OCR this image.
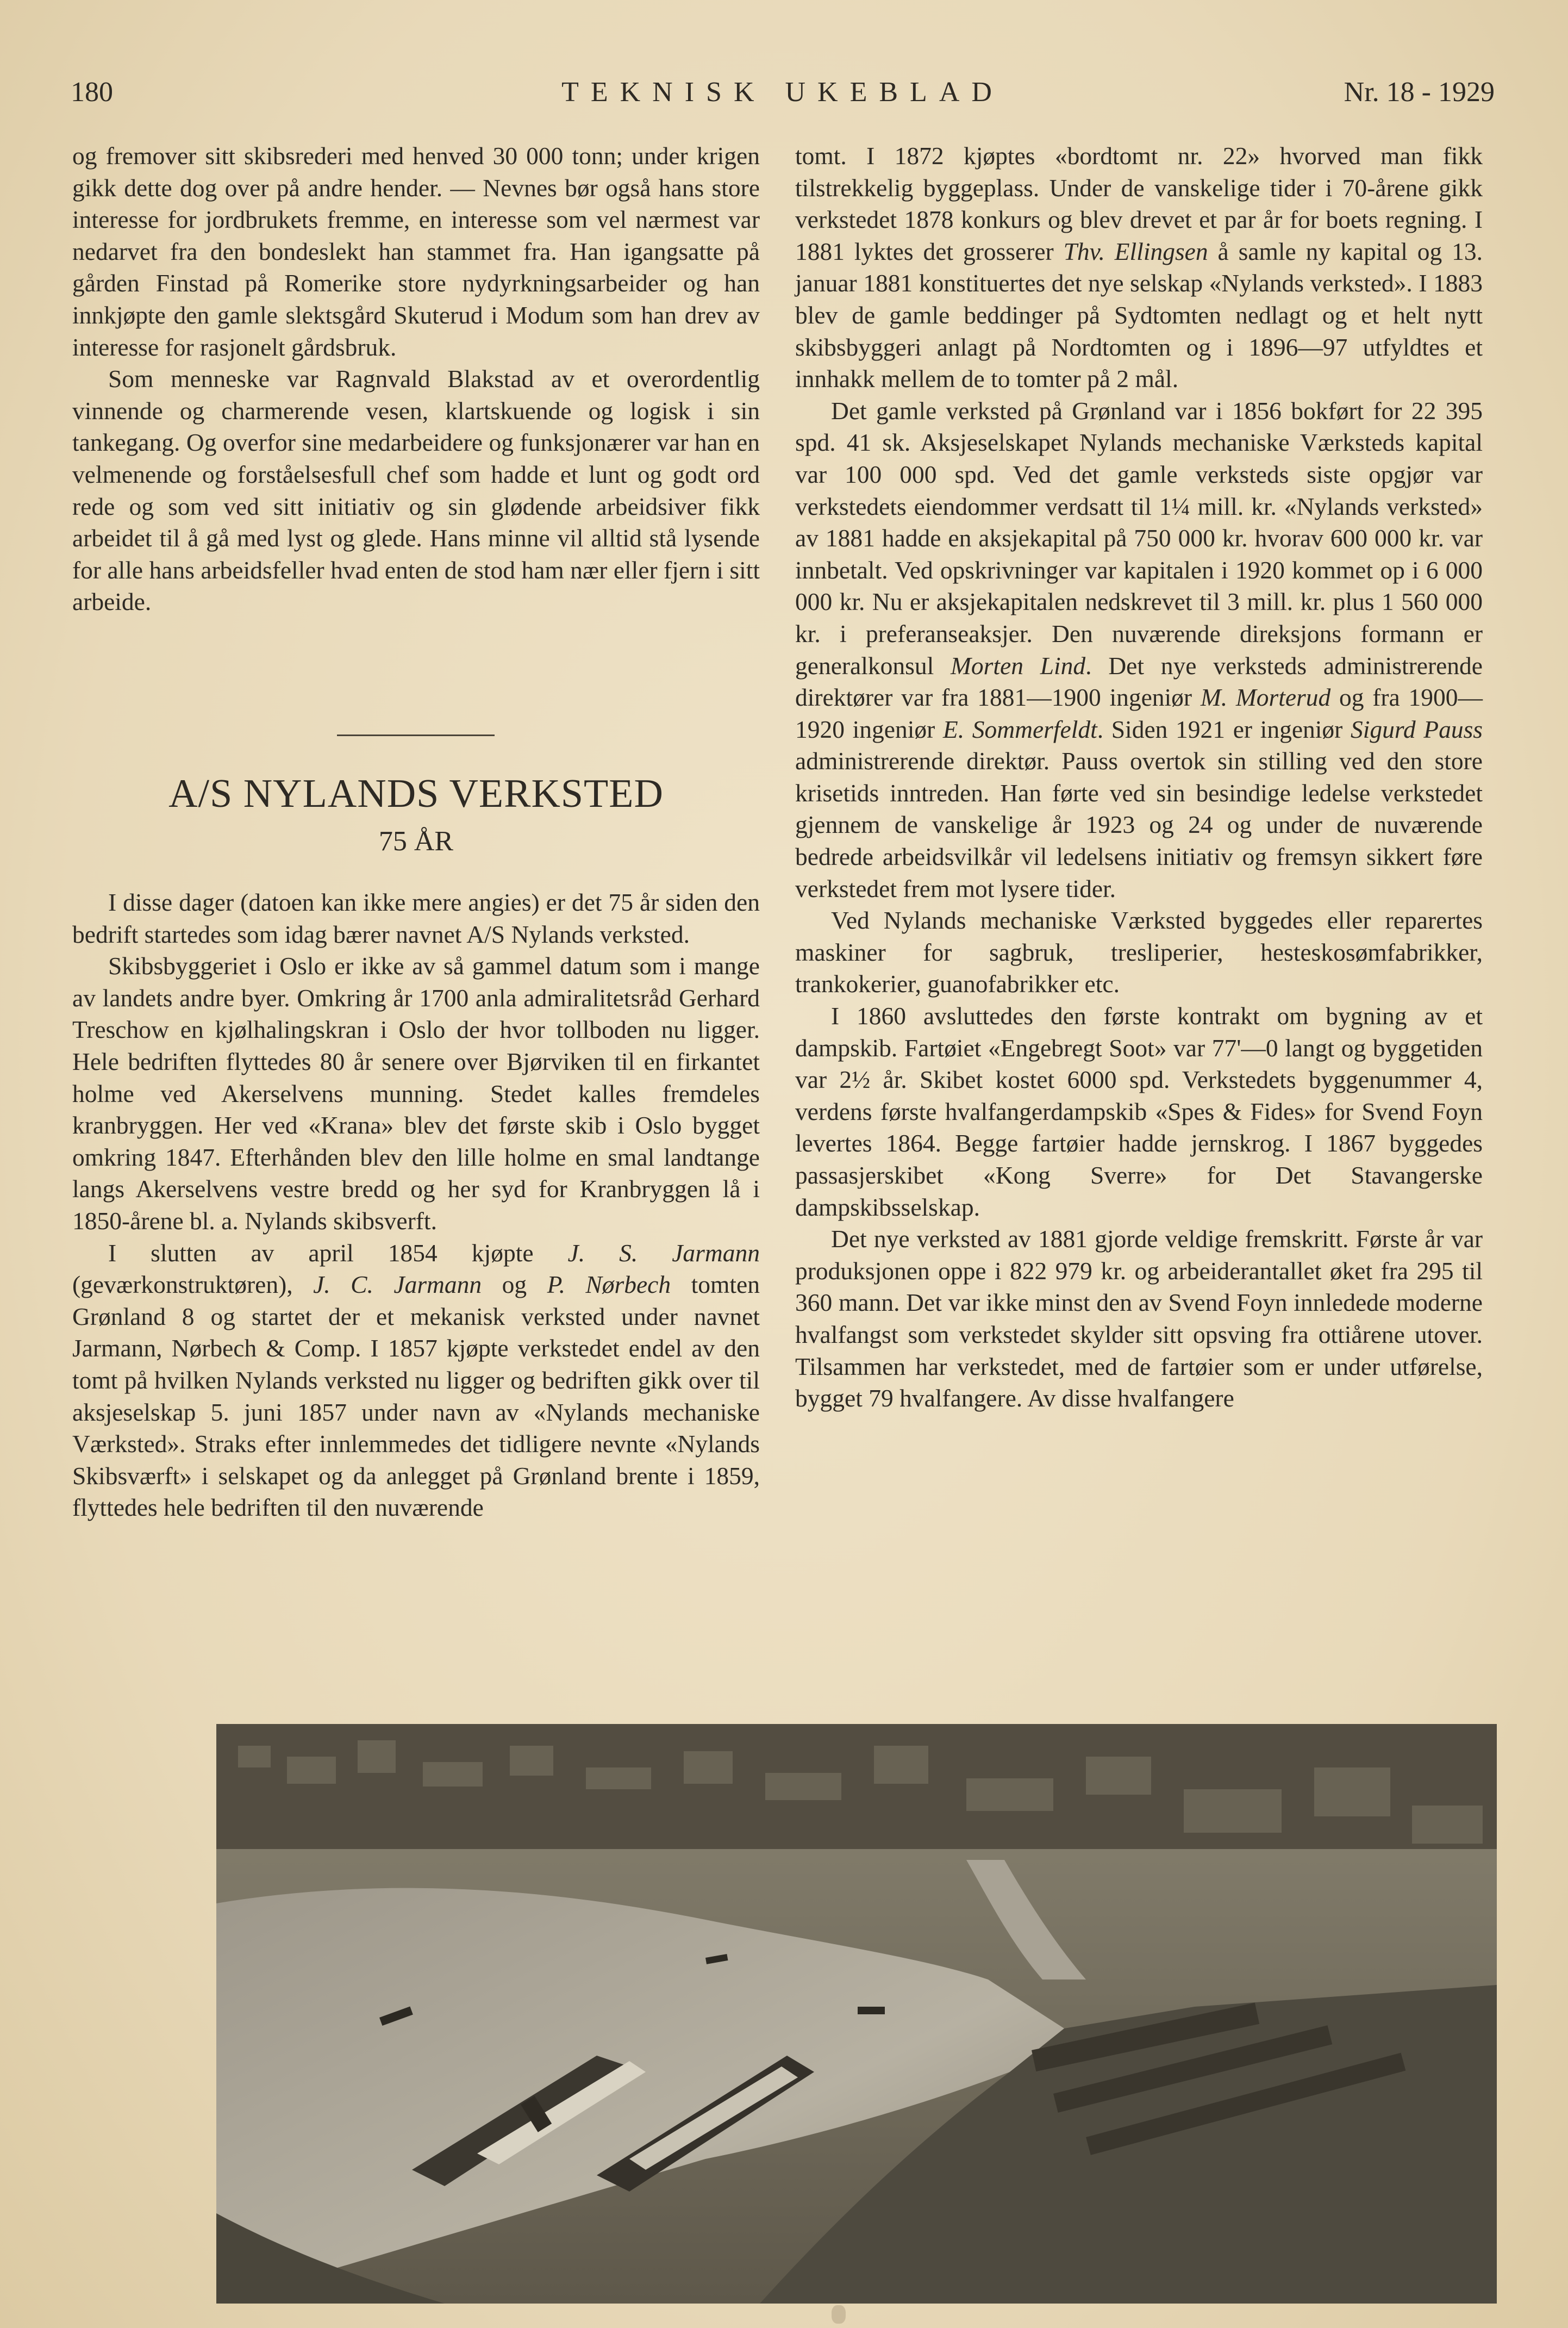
180	TEKNISK UKEBLAD	Nr. 18 - 1929

og fremover sitt skibsrederi med henved 30 000 tonn; under krigen gikk dette dog over på andre hender. — Nevnes bør også hans store interesse for jordbrukets fremme, en interesse som vel nærmest var nedarvet fra den bondeslekt han stammet fra. Han igangsatte på gården Finstad på Romerike store nydyrkningsarbeider og han innkjøpte den gamle slektsgård Skuterud i Modum som han drev av interesse for rasjonelt gårdsbruk.

Som menneske var Ragnvald Blakstad av et overordentlig vinnende og charmerende vesen, klartskuende og logisk i sin tankegang. Og overfor sine medarbeidere og funksjonærer var han en velmenende og forståelsesfull chef som hadde et lunt og godt ord rede og som ved sitt initiativ og sin glødende arbeidsiver fikk arbeidet til å gå med lyst og glede. Hans minne vil alltid stå lysende for alle hans arbeidsfeller hvad enten de stod ham nær eller fjern i sitt arbeide.

A/S NYLANDS VERKSTED
75 ÅR

I disse dager (datoen kan ikke mere angies) er det 75 år siden den bedrift startedes som idag bærer navnet A/S Nylands verksted.

Skibsbyggeriet i Oslo er ikke av så gammel datum som i mange av landets andre byer. Omkring år 1700 anla admiralitetsråd Gerhard Treschow en kjølhalingskran i Oslo der hvor tollboden nu ligger. Hele bedriften flyttedes 80 år senere over Bjørviken til en firkantet holme ved Akerselvens munning. Stedet kalles fremdeles kranbryggen. Her ved «Krana» blev det første skib i Oslo bygget omkring 1847. Efterhånden blev den lille holme en smal landtange langs Akerselvens vestre bredd og her syd for Kranbryggen lå i 1850-årene bl. a. Nylands skibsverft.

I slutten av april 1854 kjøpte J. S. Jarmann (geværkonstruktøren), J. C. Jarmann og P. Nørbech tomten Grønland 8 og startet der et mekanisk verksted under navnet Jarmann, Nørbech & Comp. I 1857 kjøpte verkstedet endel av den tomt på hvilken Nylands verksted nu ligger og bedriften gikk over til aksjeselskap 5. juni 1857 under navn av «Nylands mechaniske Værksted». Straks efter innlemmedes det tidligere nevnte «Nylands Skibsværft» i selskapet og da anlegget på Grønland brente i 1859, flyttedes hele bedriften til den nuværende

tomt. I 1872 kjøptes «bordtomt nr. 22» hvorved man fikk tilstrekkelig byggeplass. Under de vanskelige tider i 70-årene gikk verkstedet 1878 konkurs og blev drevet et par år for boets regning. I 1881 lyktes det grosserer Thv. Ellingsen å samle ny kapital og 13. januar 1881 konstituertes det nye selskap «Nylands verksted». I 1883 blev de gamle beddinger på Sydtomten nedlagt og et helt nytt skibsbyggeri anlagt på Nordtomten og i 1896—97 utfyldtes et innhakk mellem de to tomter på 2 mål.

Det gamle verksted på Grønland var i 1856 bokført for 22 395 spd. 41 sk. Aksjeselskapet Nylands mechaniske Værksteds kapital var 100 000 spd. Ved det gamle verksteds siste opgjør var verkstedets eiendommer verdsatt til 1¼ mill. kr. «Nylands verksted» av 1881 hadde en aksjekapital på 750 000 kr. hvorav 600 000 kr. var innbetalt. Ved opskrivninger var kapitalen i 1920 kommet op i 6 000 000 kr. Nu er aksjekapitalen nedskrevet til 3 mill. kr. plus 1 560 000 kr. i preferanseaksjer. Den nuværende direksjons formann er generalkonsul Morten Lind. Det nye verksteds administrerende direktører var fra 1881—1900 ingeniør M. Morterud og fra 1900—1920 ingeniør E. Sommerfeldt. Siden 1921 er ingeniør Sigurd Pauss administrerende direktør. Pauss overtok sin stilling ved den store krisetids inntreden. Han førte ved sin besindige ledelse verkstedet gjennem de vanskelige år 1923 og 24 og under de nuværende bedrede arbeidsvilkår vil ledelsens initiativ og fremsyn sikkert føre verkstedet frem mot lysere tider.

Ved Nylands mechaniske Værksted byggedes eller reparertes maskiner for sagbruk, tresliperier, hesteskosømfabrikker, trankokerier, guanofabrikker etc.

I 1860 avsluttedes den første kontrakt om bygning av et dampskib. Fartøiet «Engebregt Soot» var 77'—0 langt og byggetiden var 2½ år. Skibet kostet 6000 spd. Verkstedets byggenummer 4, verdens første hvalfangerdampskib «Spes & Fides» for Svend Foyn levertes 1864. Begge fartøier hadde jernskrog. I 1867 byggedes passasjerskibet «Kong Sverre» for Det Stavangerske dampskibsselskap.

Det nye verksted av 1881 gjorde veldige fremskritt. Første år var produksjonen oppe i 822 979 kr. og arbeiderantallet øket fra 295 til 360 mann. Det var ikke minst den av Svend Foyn innledede moderne hvalfangst som verkstedet skylder sitt opsving fra ottiårene utover. Tilsammen har verkstedet, med de fartøier som er under utførelse, bygget 79 hvalfangere. Av disse hvalfangere
